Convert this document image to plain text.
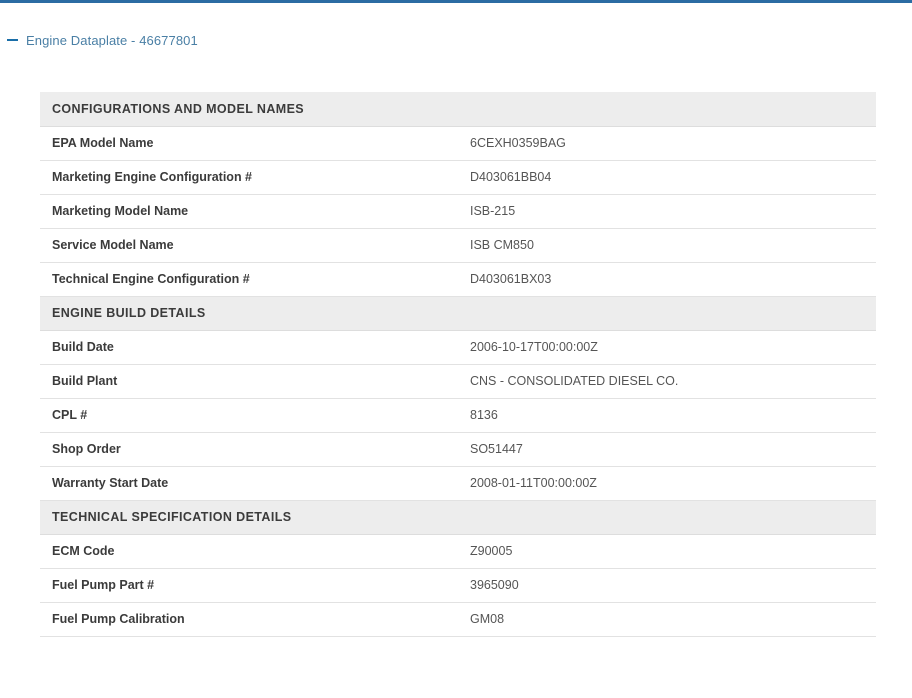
Engine Dataplate - 46677801
CONFIGURATIONS AND MODEL NAMES	
EPA Model Name	6CEXH0359BAG
Marketing Engine Configuration #	D403061BB04
Marketing Model Name	ISB-215
Service Model Name	ISB CM850
Technical Engine Configuration #	D403061BX03
ENGINE BUILD DETAILS	
Build Date	2006-10-17T00:00:00Z
Build Plant	CNS - CONSOLIDATED DIESEL CO.
CPL #	8136
Shop Order	SO51447
Warranty Start Date	2008-01-11T00:00:00Z
TECHNICAL SPECIFICATION DETAILS	
ECM Code	Z90005
Fuel Pump Part #	3965090
Fuel Pump Calibration	GM08
